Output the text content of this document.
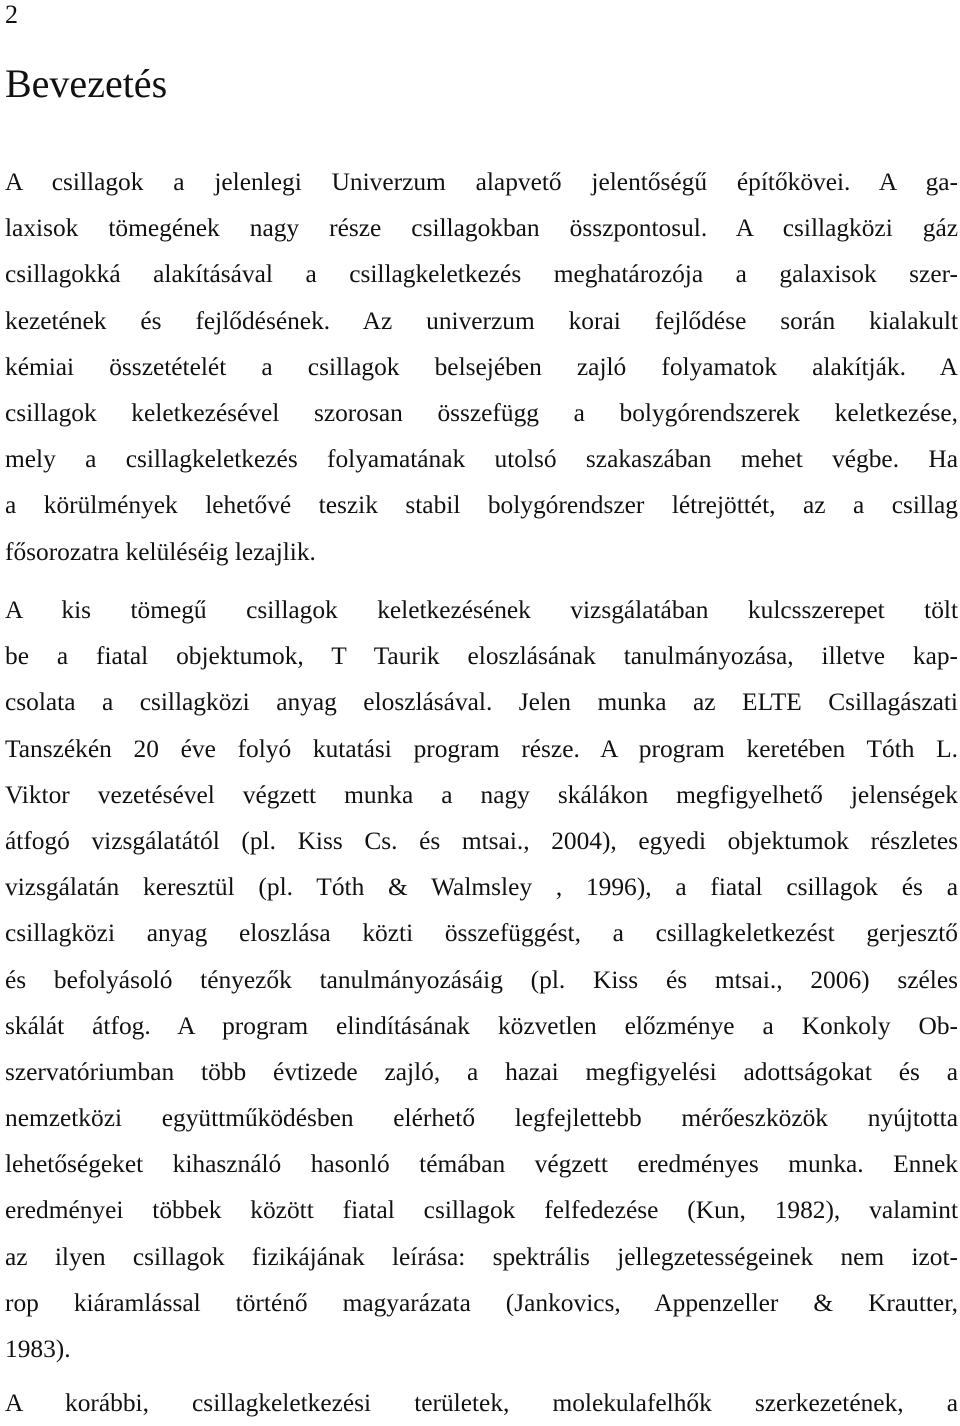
2
Bevezetés
A csillagok a jelenlegi Univerzum alapvető jelentőségű építőkövei. A ga-
laxisok tömegének nagy része csillagokban összpontosul. A csillagközi gáz
csillagokká alakításával a csillagkeletkezés meghatározója a galaxisok szer-
kezetének és fejlődésének. Az univerzum korai fejlődése során kialakult
kémiai összetételét a csillagok belsejében zajló folyamatok alakítják. A
csillagok keletkezésével szorosan összefügg a bolygórendszerek keletkezése,
mely a csillagkeletkezés folyamatának utolsó szakaszában mehet végbe. Ha
a körülmények lehetővé teszik stabil bolygórendszer létrejöttét, az a csillag
fősorozatra kelüléséig lezajlik.
A kis tömegű csillagok keletkezésének vizsgálatában kulcsszerepet tölt
be a fiatal objektumok, T Taurik eloszlásának tanulmányozása, illetve kap-
csolata a csillagközi anyag eloszlásával. Jelen munka az ELTE Csillagászati
Tanszékén 20 éve folyó kutatási program része. A program keretében Tóth L.
Viktor vezetésével végzett munka a nagy skálákon megfigyelhető jelenségek
átfogó vizsgálatától (pl. Kiss Cs. és mtsai., 2004), egyedi objektumok részletes
vizsgálatán keresztül (pl. Tóth & Walmsley , 1996), a fiatal csillagok és a
csillagközi anyag eloszlása közti összefüggést, a csillagkeletkezést gerjesztő
és befolyásoló tényezők tanulmányozásáig (pl. Kiss és mtsai., 2006) széles
skálát átfog. A program elindításának közvetlen előzménye a Konkoly Ob-
szervatóriumban több évtizede zajló, a hazai megfigyelési adottságokat és a
nemzetközi együttműködésben elérhető legfejlettebb mérőeszközök nyújtotta
lehetőségeket kihasználó hasonló témában végzett eredményes munka. Ennek
eredményei többek között fiatal csillagok felfedezése (Kun, 1982), valamint
az ilyen csillagok fizikájának leírása: spektrális jellegzetességeinek nem izot-
rop kiáramlással történő magyarázata (Jankovics, Appenzeller & Krautter,
1983).
A korábbi, csillagkeletkezési területek, molekulafelhők szerkezetének, a
